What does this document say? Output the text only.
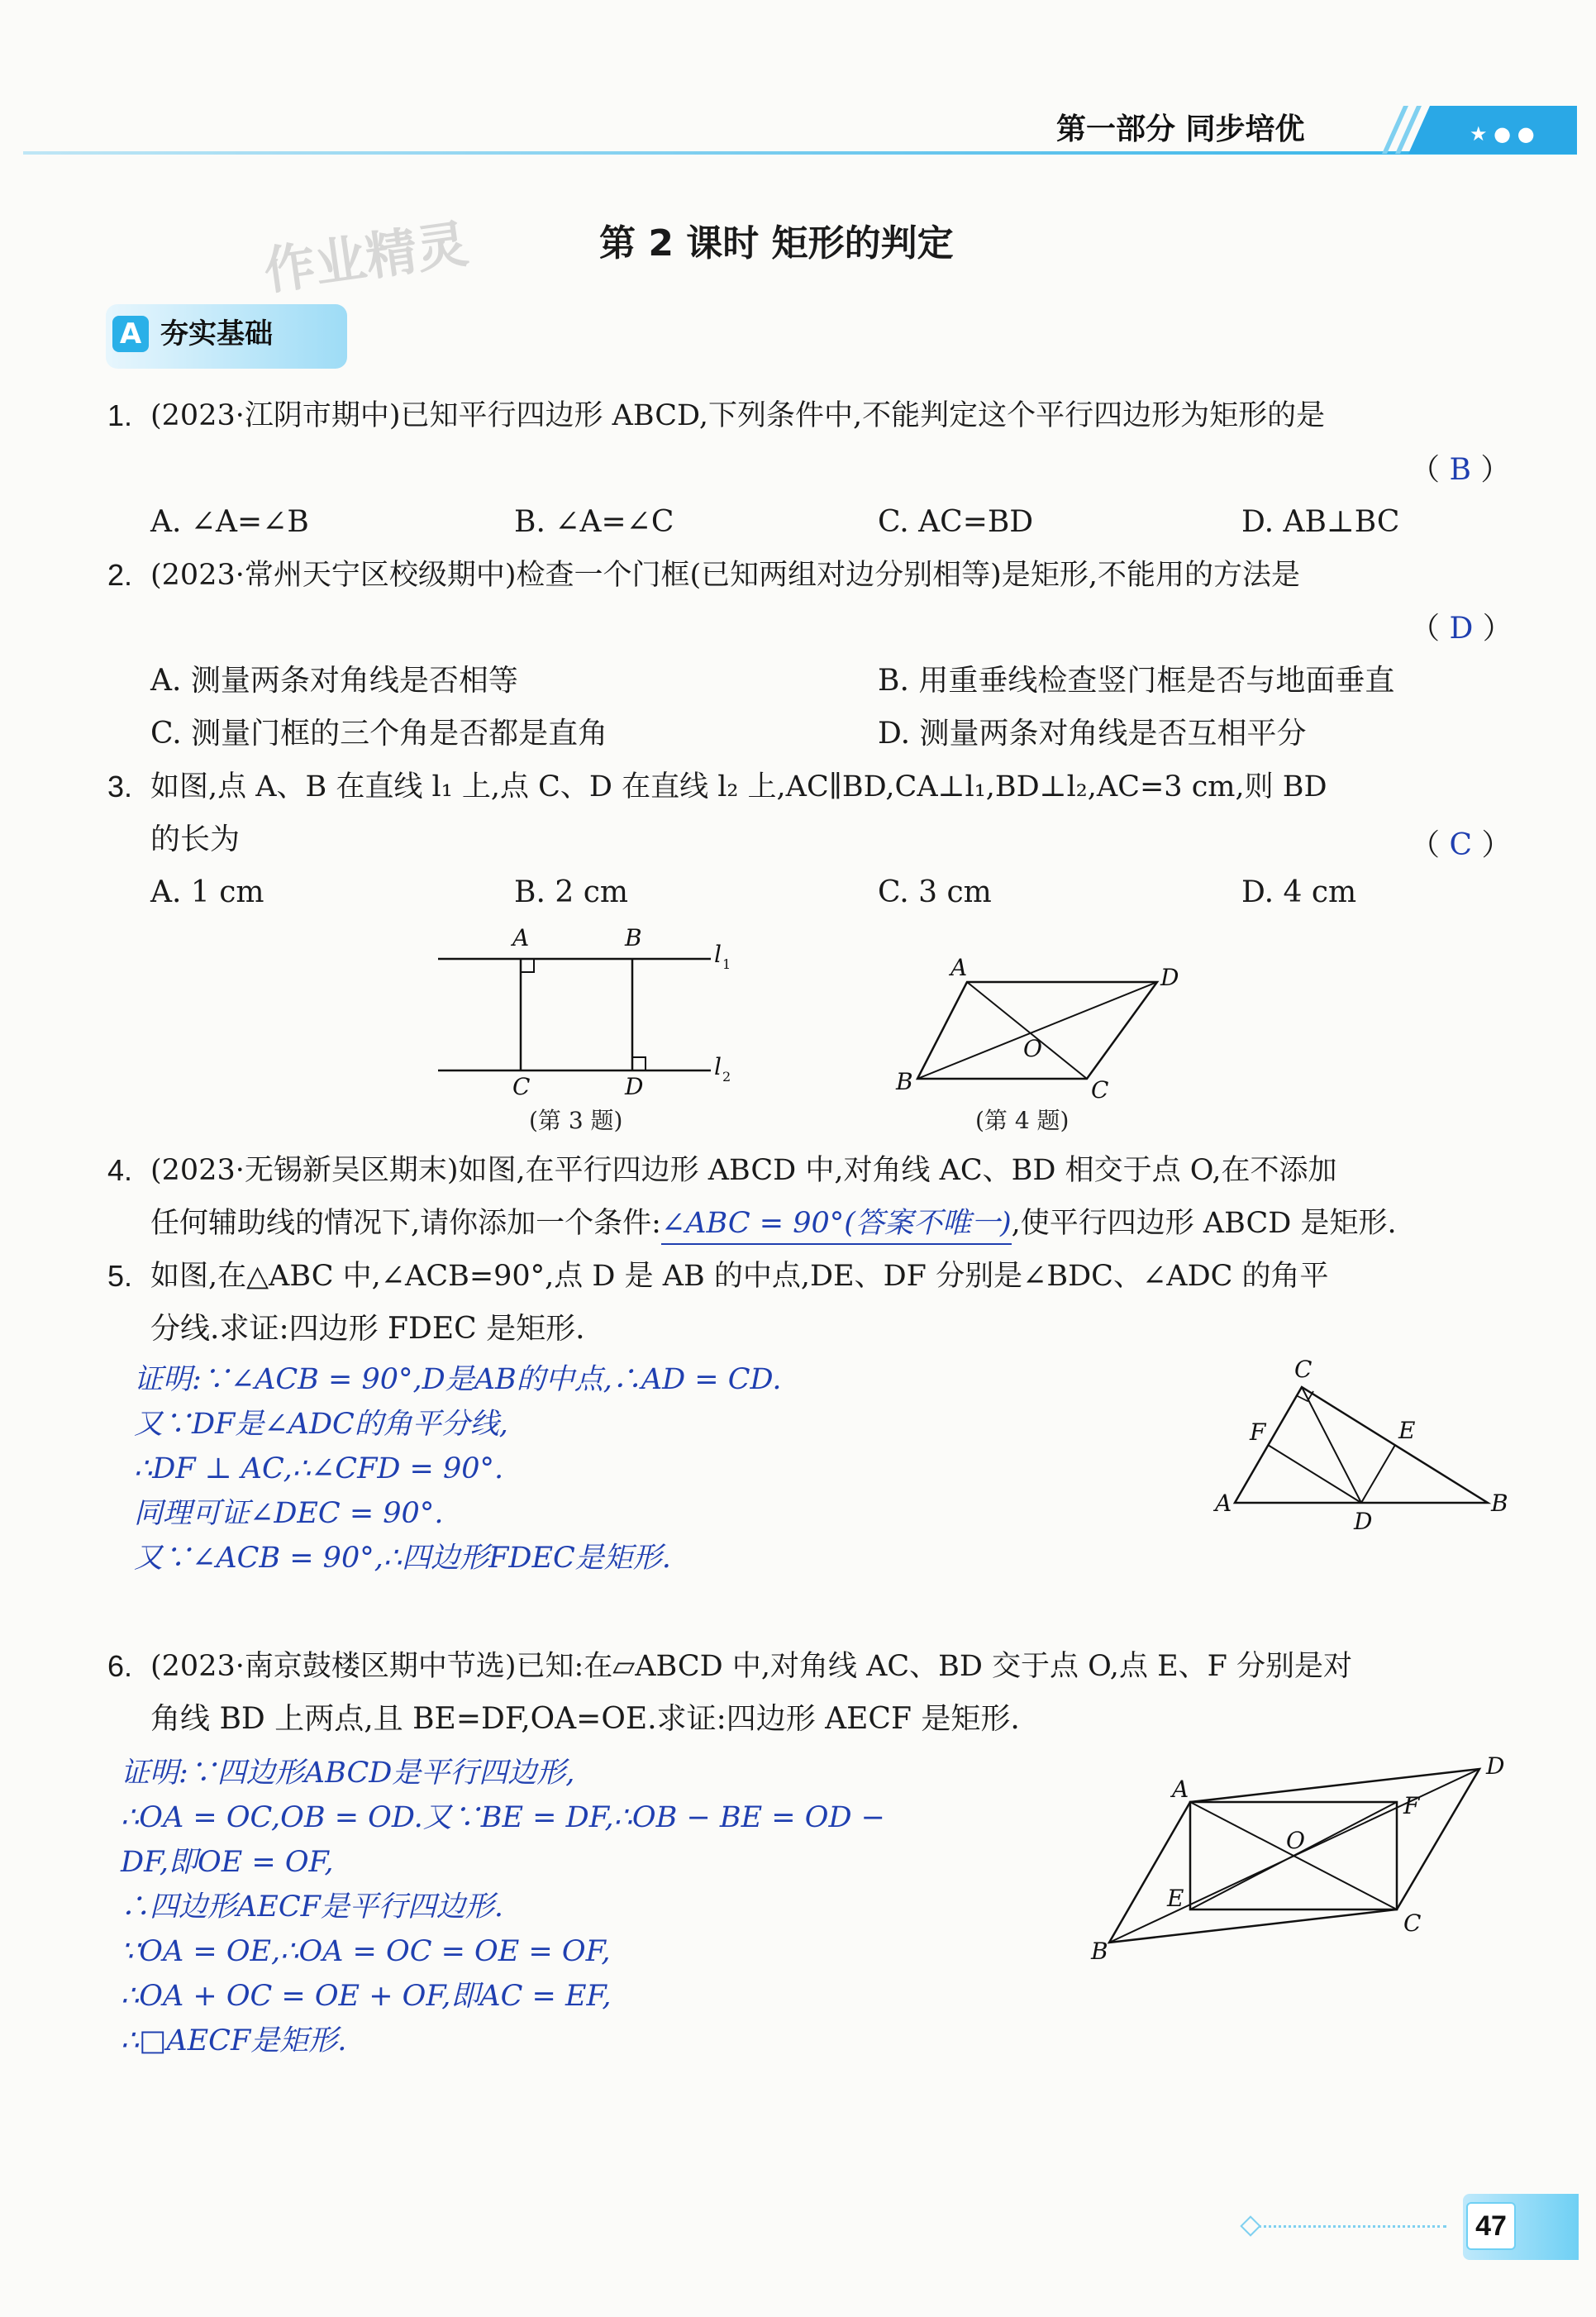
第一部分 同步培优	★ ● ●
作业精灵	第 2 课时 矩形的判定
A 夯实基础
1. (2023·江阴市期中)已知平行四边形 ABCD,下列条件中,不能判定这个平行四边形为矩形的是
（ B ）
A. ∠A=∠B	B. ∠A=∠C	C. AC=BD	D. AB⊥BC
2. (2023·常州天宁区校级期中)检查一个门框(已知两组对边分别相等)是矩形,不能用的方法是
（ D ）
A. 测量两条对角线是否相等	B. 用重垂线检查竖门框是否与地面垂直
C. 测量门框的三个角是否都是直角	D. 测量两条对角线是否互相平分
3. 如图,点 A、B 在直线 l₁ 上,点 C、D 在直线 l₂ 上,AC∥BD,CA⊥l₁,BD⊥l₂,AC=3 cm,则 BD
的长为	（ C ）
A. 1 cm	B. 2 cm	C. 3 cm	D. 4 cm
A	B
C	D
l 1
l 2
(第 3 题)
A
B	C
D
O
(第 4 题)
4. (2023·无锡新吴区期末)如图,在平行四边形 ABCD 中,对角线 AC、BD 相交于点 O,在不添加
任何辅助线的情况下,请你添加一个条件:∠ABC = 90°(答案不唯一),使平行四边形 ABCD 是矩形.
5. 如图,在△ABC 中,∠ACB=90°,点 D 是 AB 的中点,DE、DF 分别是∠BDC、∠ADC 的角平
分线.求证:四边形 FDEC 是矩形.
证明:∵∠ACB = 90°,D是AB的中点,∴AD = CD.
又∵DF是∠ADC的角平分线,
∴DF ⊥ AC,∴∠CFD = 90°.
同理可证∠DEC = 90°.
又∵∠ACB = 90°,∴四边形FDEC是矩形.
A	B
C
D
E
F
6. (2023·南京鼓楼区期中节选)已知:在▱ABCD 中,对角线 AC、BD 交于点 O,点 E、F 分别是对
角线 BD 上两点,且 BE=DF,OA=OE.求证:四边形 AECF 是矩形.
证明:∵四边形ABCD是平行四边形,
∴OA = OC,OB = OD.又∵BE = DF,∴OB − BE = OD −
DF,即OE = OF,
∴四边形AECF是平行四边形.
∵OA = OE,∴OA = OC = OE = OF,
∴OA + OC = OE + OF,即AC = EF,
∴□AECF是矩形.
A
B
C
D
E
F
O
47
